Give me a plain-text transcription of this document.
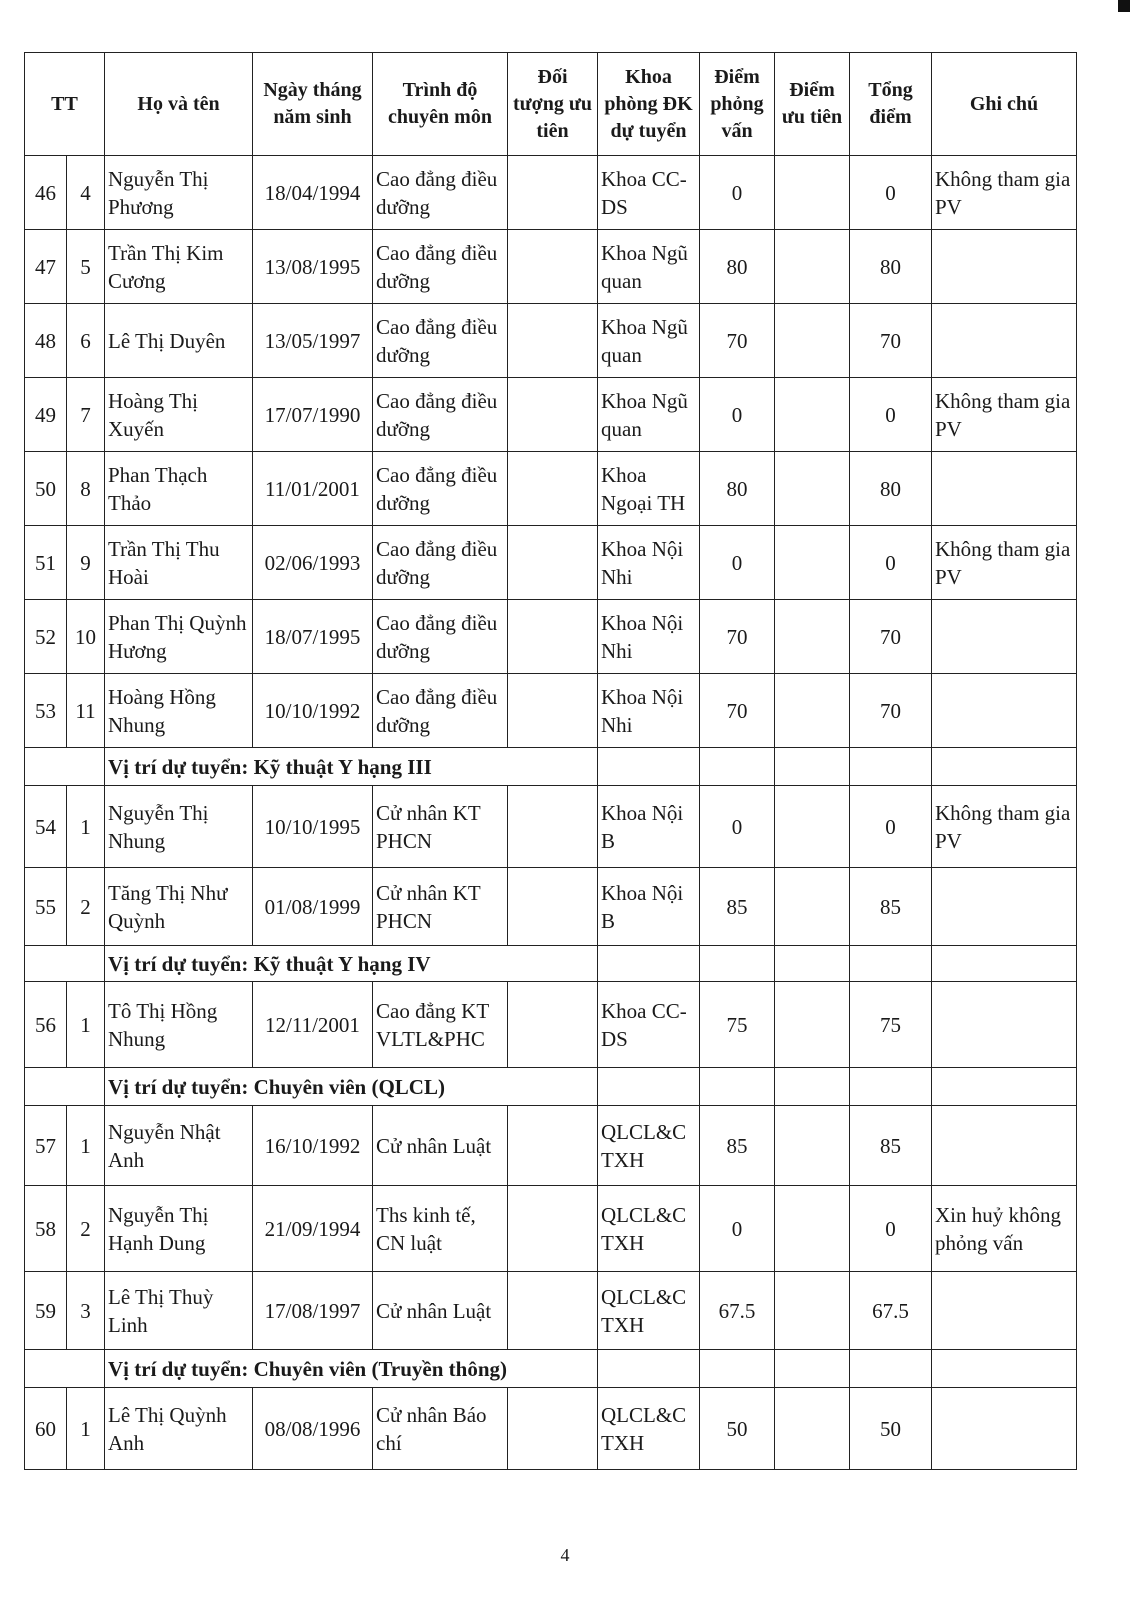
TT		Họ và tên	Ngày tháng năm sinh	Trình độ chuyên môn	Đối tượng ưu tiên	Khoa phòng ĐK dự tuyển	Điểm phỏng vấn	Điểm ưu tiên	Tổng điểm	Ghi chú
46	4	Nguyễn Thị Phương	18/04/1994	Cao đẳng điều dưỡng		Khoa CC-DS	0		0	Không tham gia PV
47	5	Trần Thị Kim Cương	13/08/1995	Cao đẳng điều dưỡng		Khoa Ngũ quan	80		80	
48	6	Lê Thị Duyên	13/05/1997	Cao đẳng điều dưỡng		Khoa Ngũ quan	70		70	
49	7	Hoàng Thị Xuyến	17/07/1990	Cao đẳng điều dưỡng		Khoa Ngũ quan	0		0	Không tham gia PV
50	8	Phan Thạch Thảo	11/01/2001	Cao đẳng điều dưỡng		Khoa Ngoại TH	80		80	
51	9	Trần Thị Thu Hoài	02/06/1993	Cao đẳng điều dưỡng		Khoa Nội Nhi	0		0	Không tham gia PV
52	10	Phan Thị Quỳnh Hương	18/07/1995	Cao đẳng điều dưỡng		Khoa Nội Nhi	70		70	
53	11	Hoàng Hồng Nhung	10/10/1992	Cao đẳng điều dưỡng		Khoa Nội Nhi	70		70	
		Vị trí dự tuyển: Kỹ thuật Y hạng III								
54	1	Nguyễn Thị Nhung	10/10/1995	Cử nhân KT PHCN		Khoa Nội B	0		0	Không tham gia PV
55	2	Tăng Thị Như Quỳnh	01/08/1999	Cử nhân KT PHCN		Khoa Nội B	85		85	
		Vị trí dự tuyển: Kỹ thuật Y hạng IV								
56	1	Tô Thị Hồng Nhung	12/11/2001	Cao đẳng KT VLTL&PHC		Khoa CC-DS	75		75	
		Vị trí dự tuyển: Chuyên viên (QLCL)								
57	1	Nguyễn Nhật Anh	16/10/1992	Cử nhân Luật		QLCL&C TXH	85		85	
58	2	Nguyễn Thị Hạnh Dung	21/09/1994	Ths kinh tế, CN luật		QLCL&C TXH	0		0	Xin huỷ không phỏng vấn
59	3	Lê Thị Thuỳ Linh	17/08/1997	Cử nhân Luật		QLCL&C TXH	67.5		67.5	
		Vị trí dự tuyển: Chuyên viên (Truyền thông)								
60	1	Lê Thị Quỳnh Anh	08/08/1996	Cử nhân Báo chí		QLCL&C TXH	50		50	
4
